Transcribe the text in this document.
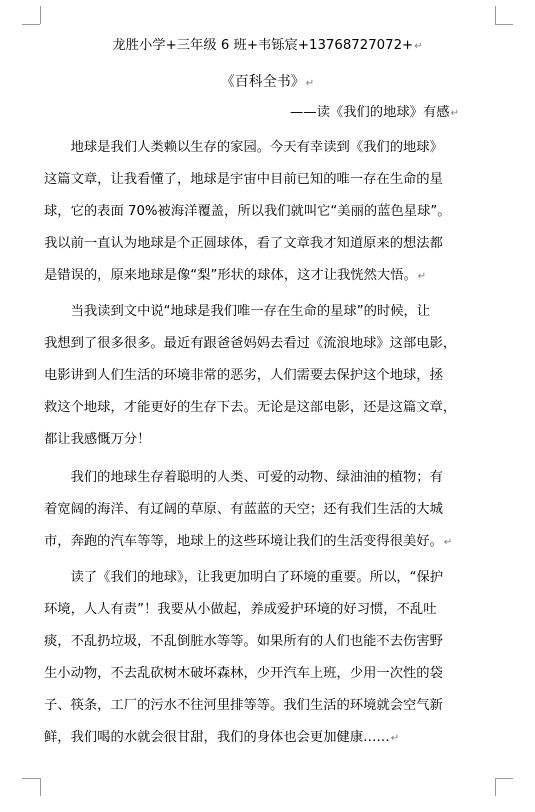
龙胜小学+三年级 6 班+韦铄宸+13768727072+↵
《百科全书》↵
——读《我们的地球》有感↵
　　地球是我们人类赖以生存的家园。今天有幸读到《我们的地球》
这篇文章，让我看懂了，地球是宇宙中目前已知的唯一存在生命的星
球，它的表面 70%被海洋覆盖，所以我们就叫它“美丽的蓝色星球”。
我以前一直认为地球是个正圆球体，看了文章我才知道原来的想法都
是错误的，原来地球是像“梨”形状的球体，这才让我恍然大悟。↵
　　当我读到文中说“地球是我们唯一存在生命的星球”的时候，让
我想到了很多很多。最近有跟爸爸妈妈去看过《流浪地球》这部电影，
电影讲到人们生活的环境非常的恶劣，人们需要去保护这个地球，拯
救这个地球，才能更好的生存下去。无论是这部电影，还是这篇文章，
都让我感慨万分！
　　我们的地球生存着聪明的人类、可爱的动物、绿油油的植物；有
着宽阔的海洋、有辽阔的草原、有蓝蓝的天空；还有我们生活的大城
市，奔跑的汽车等等，地球上的这些环境让我们的生活变得很美好。↵
　　读了《我们的地球》，让我更加明白了环境的重要。所以，“保护
环境，人人有责”！我要从小做起，养成爱护环境的好习惯，不乱吐
痰，不乱扔垃圾，不乱倒脏水等等。如果所有的人们也能不去伤害野
生小动物，不去乱砍树木破坏森林，少开汽车上班，少用一次性的袋
子、筷条，工厂的污水不往河里排等等。我们生活的环境就会空气新
鲜，我们喝的水就会很甘甜，我们的身体也会更加健康……↵
